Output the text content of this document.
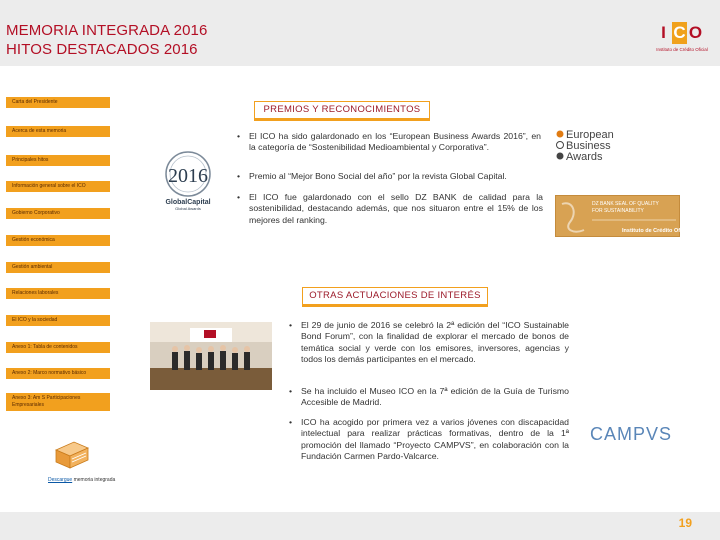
MEMORIA INTEGRADA 2016
HITOS DESTACADOS 2016
I C O
Instituto de Crédito Oficial
Carta del Presidente
Acerca de esta memoria
Principales hitos
Información general sobre el ICO
Gobierno Corporativo
Gestión económica
Gestión ambiental
Relaciones laborales
El ICO y la sociedad
Anexo 1: Tabla de contenidos
Anexo 2: Marco normativo básico
Anexo 3: Am S Participaciones Empresariales
Descargue memoria integrada
PREMIOS Y RECONOCIMIENTOS
2016
GlobalCapital
Global Awards
• El ICO ha sido galardonado en los “European Business Awards 2016”, en la categoría de “Sostenibilidad Medioambiental y Corporativa”.
• Premio al “Mejor Bono Social del año” por la revista Global Capital.
• El ICO fue galardonado con el sello DZ BANK de calidad para la sostenibilidad, destacando además, que nos situaron entre el 15% de los mejores del ranking.
European
Business
Awards
DZ BANK SEAL OF QUALITY
FOR SUSTAINABILITY
Instituto de Crédito Oficial
OTRAS ACTUACIONES DE INTERÉS
• El 29 de junio de 2016 se celebró la 2ª edición del “ICO Sustainable Bond Forum”, con la finalidad de explorar el mercado de bonos de temática social y verde con los emisores, inversores, agencias y todos los demás participantes en el mercado.
• Se ha incluido el Museo ICO en la 7ª edición de la Guía de Turismo Accesible de Madrid.
• ICO ha acogido por primera vez a varios jóvenes con discapacidad intelectual para realizar prácticas formativas, dentro de la 1ª promoción del llamado “Proyecto CAMPVS”, en colaboración con la Fundación Carmen Pardo-Valcarce.
CAMPVS
19
